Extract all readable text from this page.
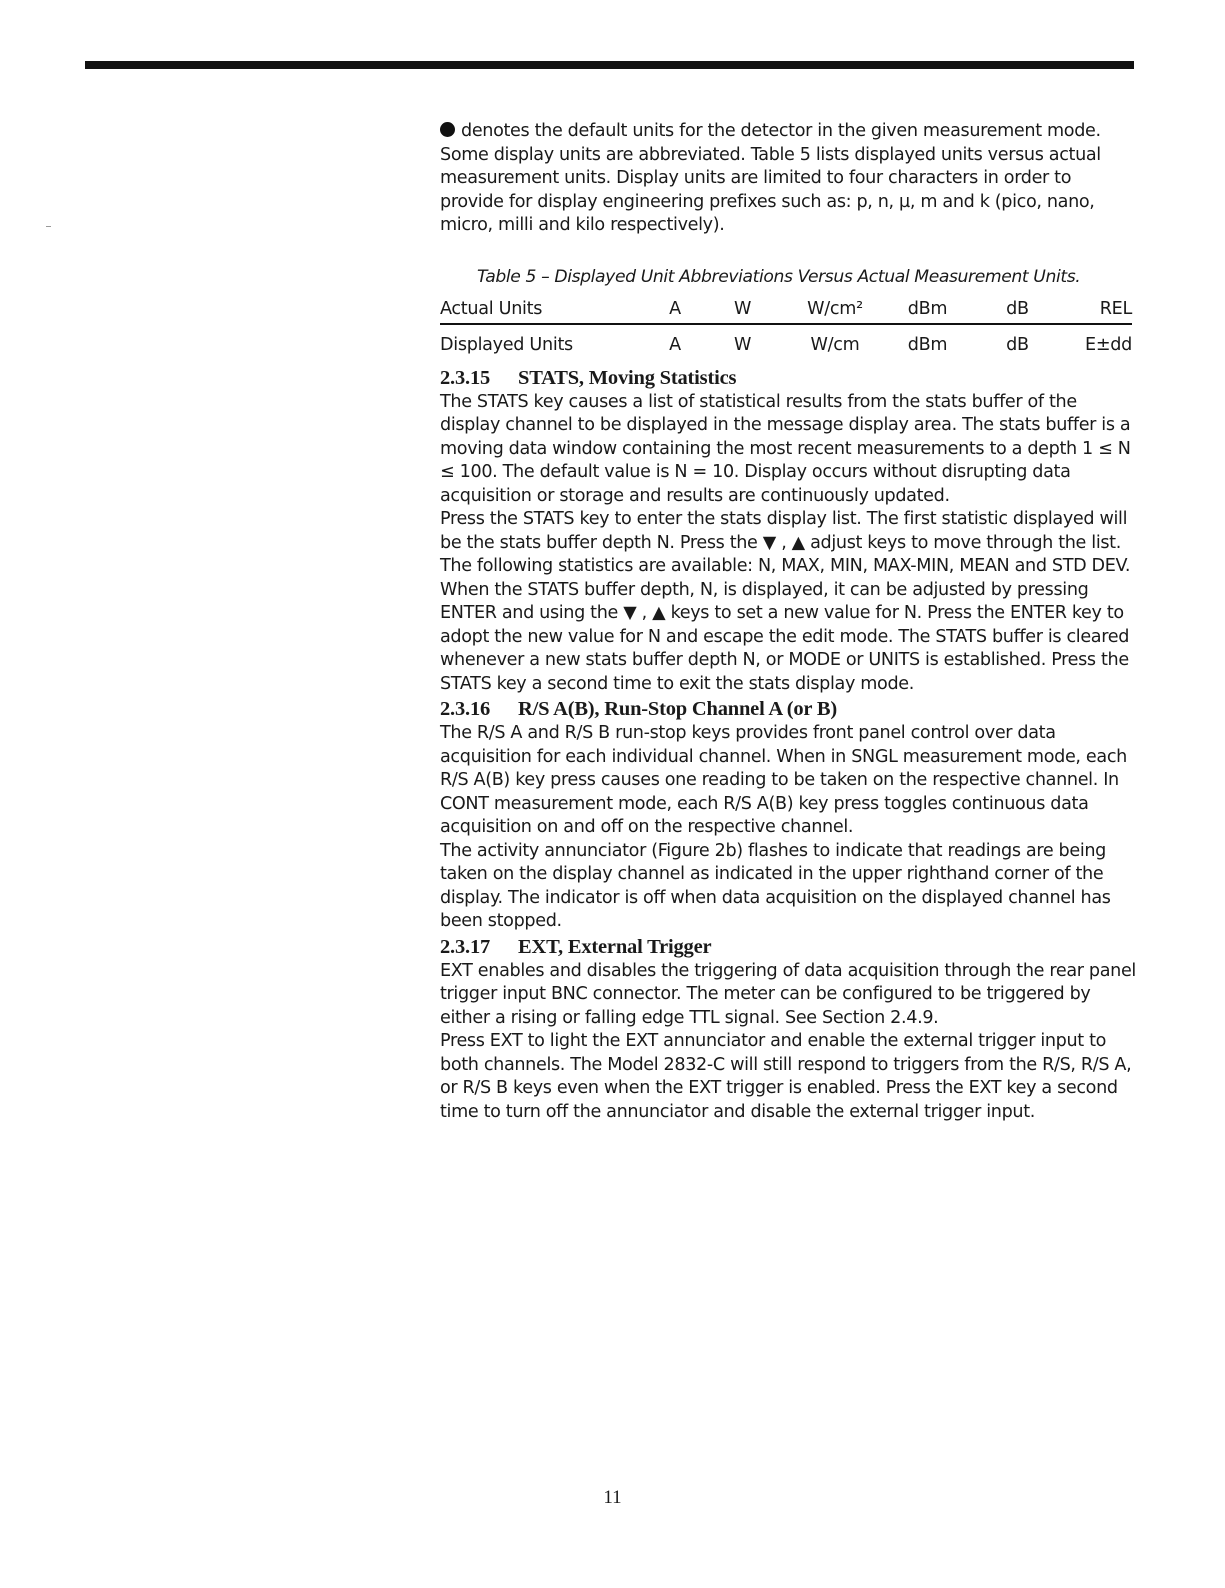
denotes the default units for the detector in the given measurement mode. Some display units are abbreviated. Table 5 lists displayed units versus actual measurement units. Display units are limited to four characters in order to provide for display engineering prefixes such as: p, n, µ, m and k (pico, nano, micro, milli and kilo respectively).

Table 5 – Displayed Unit Abbreviations Versus Actual Measurement Units.
Actual Units	A	W	W/cm²	dBm	dB	REL
Displayed Units	A	W	W/cm	dBm	dB	E±dd
2.3.15 STATS, Moving Statistics

The STATS key causes a list of statistical results from the stats buffer of the display channel to be displayed in the message display area. The stats buffer is a moving data window containing the most recent measurements to a depth 1 ≤ N ≤ 100. The default value is N = 10. Display occurs without disrupting data acquisition or storage and results are continuously updated.

Press the STATS key to enter the stats display list. The first statistic displayed will be the stats buffer depth N. Press the ▼ , ▲ adjust keys to move through the list. The following statistics are available: N, MAX, MIN, MAX-MIN, MEAN and STD DEV.

When the STATS buffer depth, N, is displayed, it can be adjusted by pressing ENTER and using the ▼ , ▲ keys to set a new value for N. Press the ENTER key to adopt the new value for N and escape the edit mode. The STATS buffer is cleared whenever a new stats buffer depth N, or MODE or UNITS is established. Press the STATS key a second time to exit the stats display mode.

2.3.16 R/S A(B), Run-Stop Channel A (or B)

The R/S A and R/S B run-stop keys provides front panel control over data acquisition for each individual channel. When in SNGL measurement mode, each R/S A(B) key press causes one reading to be taken on the respective channel. In CONT measurement mode, each R/S A(B) key press toggles continuous data acquisition on and off on the respective channel.

The activity annunciator (Figure 2b) flashes to indicate that readings are being taken on the display channel as indicated in the upper righthand corner of the display. The indicator is off when data acquisition on the displayed channel has been stopped.

2.3.17 EXT, External Trigger

EXT enables and disables the triggering of data acquisition through the rear panel trigger input BNC connector. The meter can be configured to be triggered by either a rising or falling edge TTL signal. See Section 2.4.9.

Press EXT to light the EXT annunciator and enable the external trigger input to both channels. The Model 2832-C will still respond to triggers from the R/S, R/S A, or R/S B keys even when the EXT trigger is enabled. Press the EXT key a second time to turn off the annunciator and disable the external trigger input.

11
